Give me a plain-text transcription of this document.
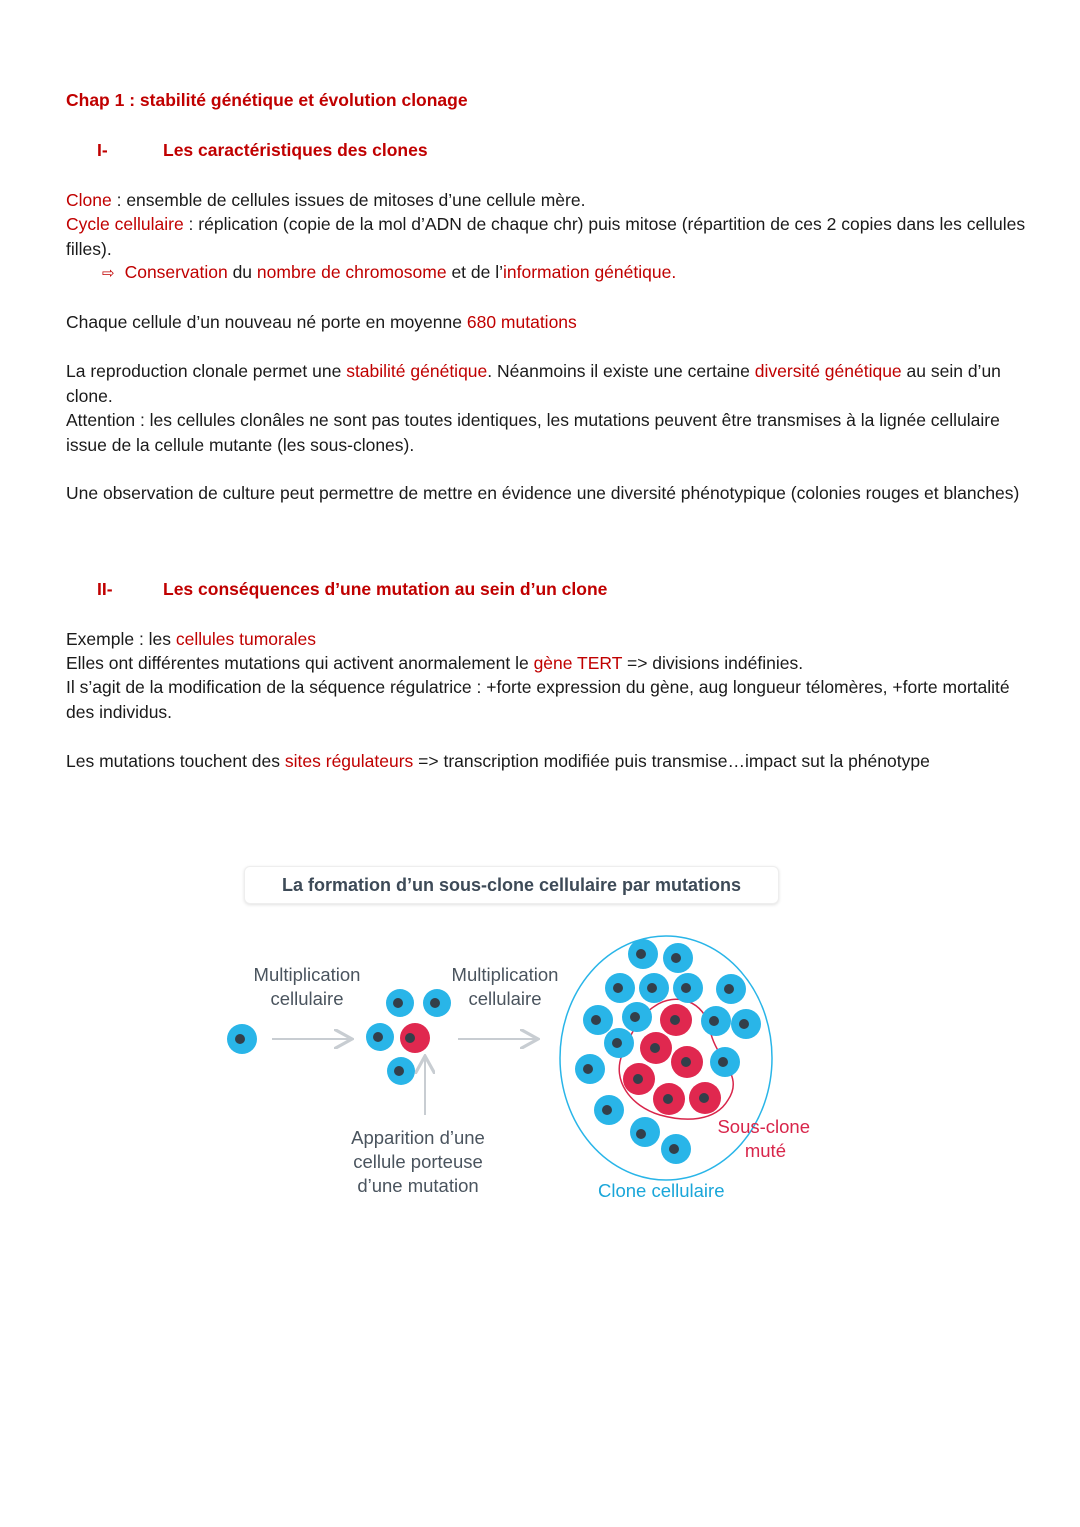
Chap 1 : stabilité génétique et évolution clonage
I-	Les caractéristiques des clones

Clone : ensemble de cellules issues de mitoses d’une cellule mère.

Cycle cellulaire : réplication (copie de la mol d’ADN de chaque chr) puis mitose (répartition de ces 2 copies dans les cellules filles).

⇨ Conservation du nombre de chromosome et de l’information génétique.

Chaque cellule d’un nouveau né porte en moyenne 680 mutations

La reproduction clonale permet une stabilité génétique. Néanmoins il existe une certaine diversité génétique au sein d’un clone.

Attention : les cellules clonâles ne sont pas toutes identiques, les mutations peuvent être transmises à la lignée cellulaire issue de la cellule mutante (les sous-clones).

Une observation de culture peut permettre de mettre en évidence une diversité phénotypique (colonies rouges et blanches)

II-	Les conséquences d’une mutation au sein d’un clone

Exemple : les cellules tumorales

Elles ont différentes mutations qui activent anormalement le gène TERT => divisions indéfinies.

Il s’agit de la modification de la séquence régulatrice : +forte expression du gène, aug longueur télomères, +forte mortalité des individus.

Les mutations touchent des sites régulateurs => transcription modifiée puis transmise…impact sut la phénotype

La formation d’un sous-clone cellulaire par mutations
Multiplication
cellulaire
Multiplication
cellulaire
Apparition d’une
cellule porteuse
d’une mutation	Clone cellulaire
Sous-clone
muté
